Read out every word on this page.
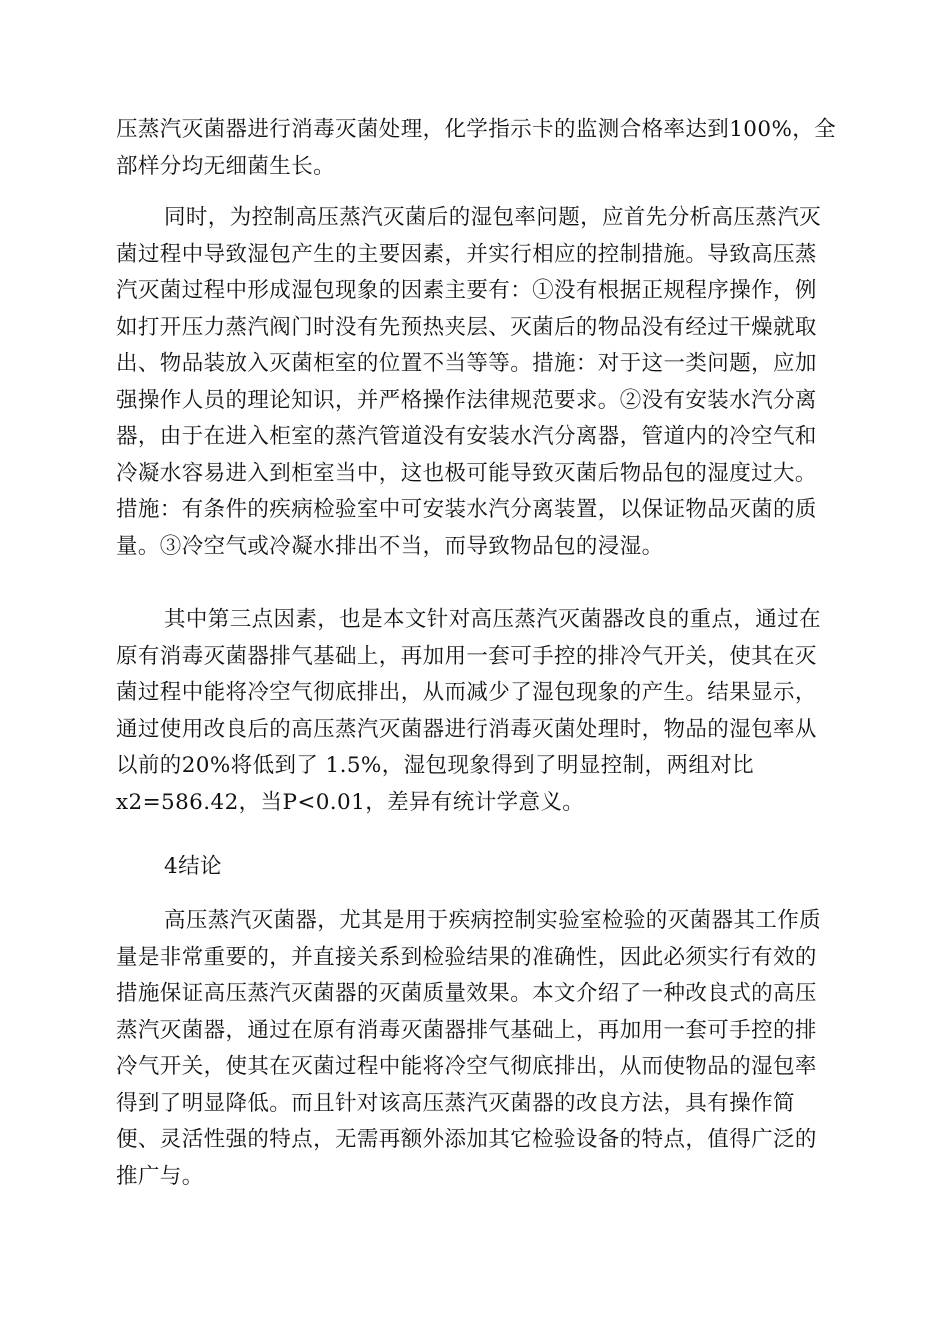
压蒸汽灭菌器进行消毒灭菌处理，化学指示卡的监测合格率达到100%，全
部样分均无细菌生长。
同时，为控制高压蒸汽灭菌后的湿包率问题，应首先分析高压蒸汽灭
菌过程中导致湿包产生的主要因素，并实行相应的控制措施。导致高压蒸
汽灭菌过程中形成湿包现象的因素主要有：①没有根据正规程序操作，例
如打开压力蒸汽阀门时没有先预热夹层、灭菌后的物品没有经过干燥就取
出、物品装放入灭菌柜室的位置不当等等。措施：对于这一类问题，应加
强操作人员的理论知识，并严格操作法律规范要求。②没有安装水汽分离
器，由于在进入柜室的蒸汽管道没有安装水汽分离器，管道内的冷空气和
冷凝水容易进入到柜室当中，这也极可能导致灭菌后物品包的湿度过大。
措施：有条件的疾病检验室中可安装水汽分离装置，以保证物品灭菌的质
量。③冷空气或冷凝水排出不当，而导致物品包的浸湿。
其中第三点因素，也是本文针对高压蒸汽灭菌器改良的重点，通过在
原有消毒灭菌器排气基础上，再加用一套可手控的排冷气开关，使其在灭
菌过程中能将冷空气彻底排出，从而减少了湿包现象的产生。结果显示，
通过使用改良后的高压蒸汽灭菌器进行消毒灭菌处理时，物品的湿包率从
以前的20%将低到了 1.5%，湿包现象得到了明显控制，两组对比
x2=586.42，当P<0.01，差异有统计学意义。
4结论
高压蒸汽灭菌器，尤其是用于疾病控制实验室检验的灭菌器其工作质
量是非常重要的，并直接关系到检验结果的准确性，因此必须实行有效的
措施保证高压蒸汽灭菌器的灭菌质量效果。本文介绍了一种改良式的高压
蒸汽灭菌器，通过在原有消毒灭菌器排气基础上，再加用一套可手控的排
冷气开关，使其在灭菌过程中能将冷空气彻底排出，从而使物品的湿包率
得到了明显降低。而且针对该高压蒸汽灭菌器的改良方法，具有操作简
便、灵活性强的特点，无需再额外添加其它检验设备的特点，值得广泛的
推广与。
